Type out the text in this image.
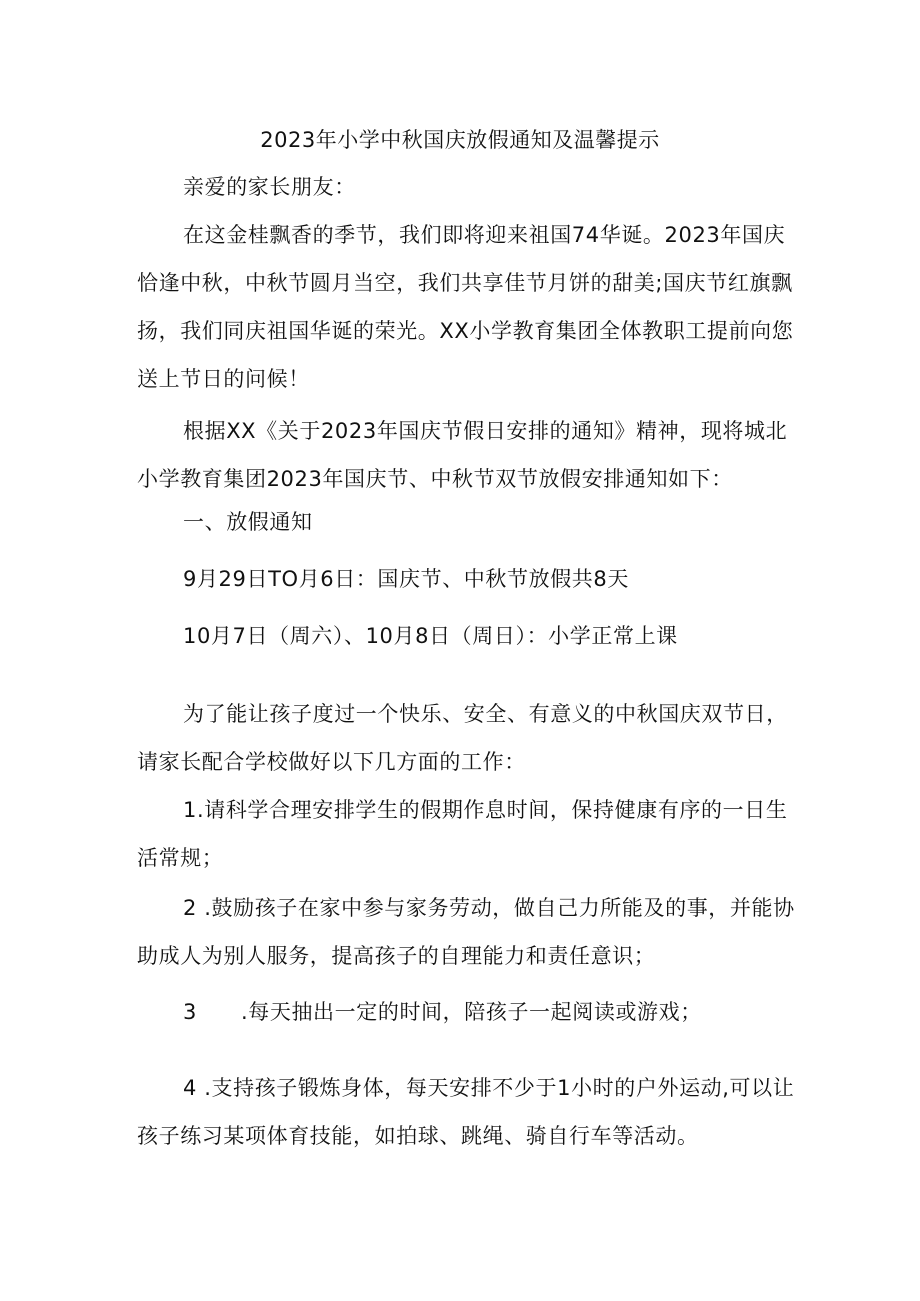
2023年小学中秋国庆放假通知及温馨提示
亲爱的家长朋友：
在这金桂飘香的季节，我们即将迎来祖国74华诞。2023年国庆恰逢中秋，中秋节圆月当空，我们共享佳节月饼的甜美;国庆节红旗飘扬，我们同庆祖国华诞的荣光。XX小学教育集团全体教职工提前向您送上节日的问候！
根据XX《关于2023年国庆节假日安排的通知》精神，现将城北小学教育集团2023年国庆节、中秋节双节放假安排通知如下：
一、放假通知
9月29日TO月6日：国庆节、中秋节放假共8天
10月7日（周六）、10月8日（周日）：小学正常上课
为了能让孩子度过一个快乐、安全、有意义的中秋国庆双节日，请家长配合学校做好以下几方面的工作：
1.请科学合理安排学生的假期作息时间，保持健康有序的一日生活常规；
2 .鼓励孩子在家中参与家务劳动，做自己力所能及的事，并能协助成人为别人服务，提高孩子的自理能力和责任意识；
3 .每天抽出一定的时间，陪孩子一起阅读或游戏；
4 .支持孩子锻炼身体，每天安排不少于1小时的户外运动,可以让孩子练习某项体育技能，如拍球、跳绳、骑自行车等活动。
